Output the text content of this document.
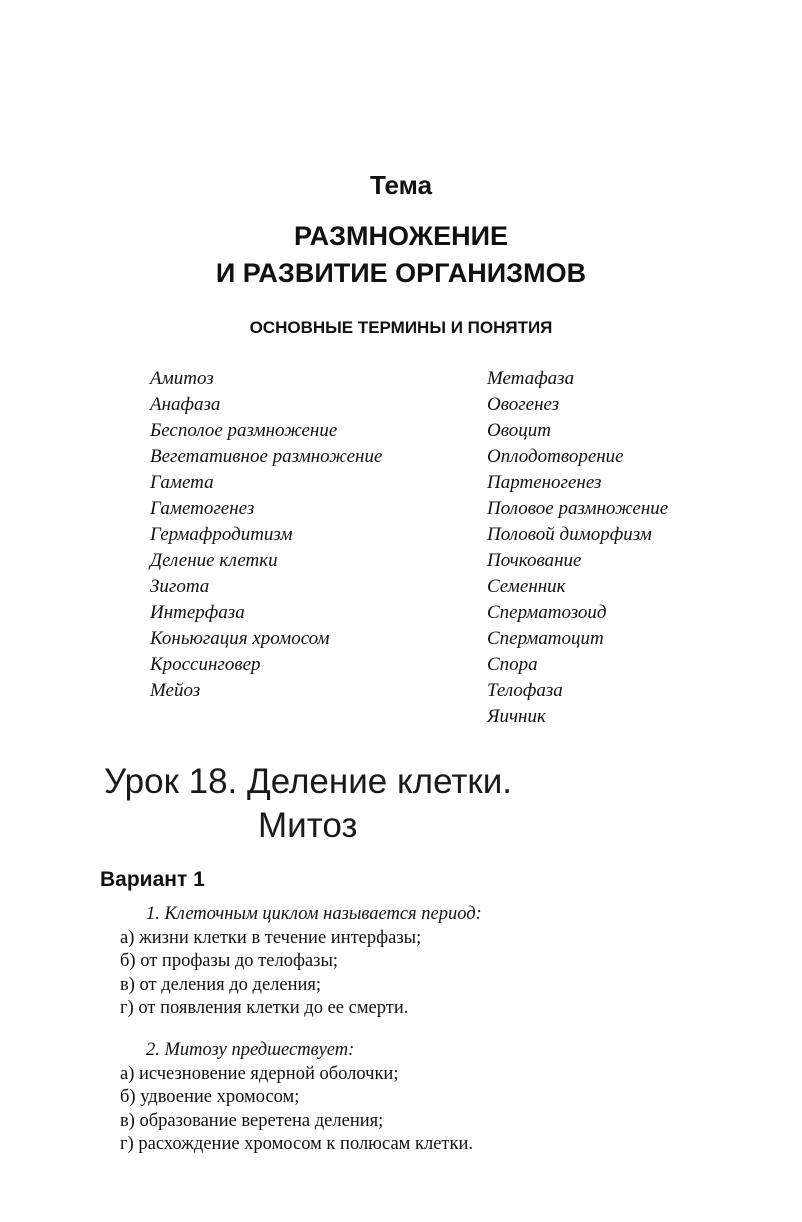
Тема
РАЗМНОЖЕНИЕ
И РАЗВИТИЕ ОРГАНИЗМОВ
ОСНОВНЫЕ ТЕРМИНЫ И ПОНЯТИЯ
Амитоз
Анафаза
Бесполое размножение
Вегетативное размножение
Гамета
Гаметогенез
Гермафродитизм
Деление клетки
Зигота
Интерфаза
Коньюгация хромосом
Кроссинговер
Мейоз
Метафаза
Овогенез
Овоцит
Оплодотворение
Партеногенез
Половое размножение
Половой диморфизм
Почкование
Семенник
Сперматозоид
Сперматоцит
Спора
Телофаза
Яичник
Урок 18. Деление клетки.
Митоз
Вариант 1
1. Клеточным циклом называется период:
а) жизни клетки в течение интерфазы;
б) от профазы до телофазы;
в) от деления до деления;
г) от появления клетки до ее смерти.
2. Митозу предшествует:
а) исчезновение ядерной оболочки;
б) удвоение хромосом;
в) образование веретена деления;
г) расхождение хромосом к полюсам клетки.
